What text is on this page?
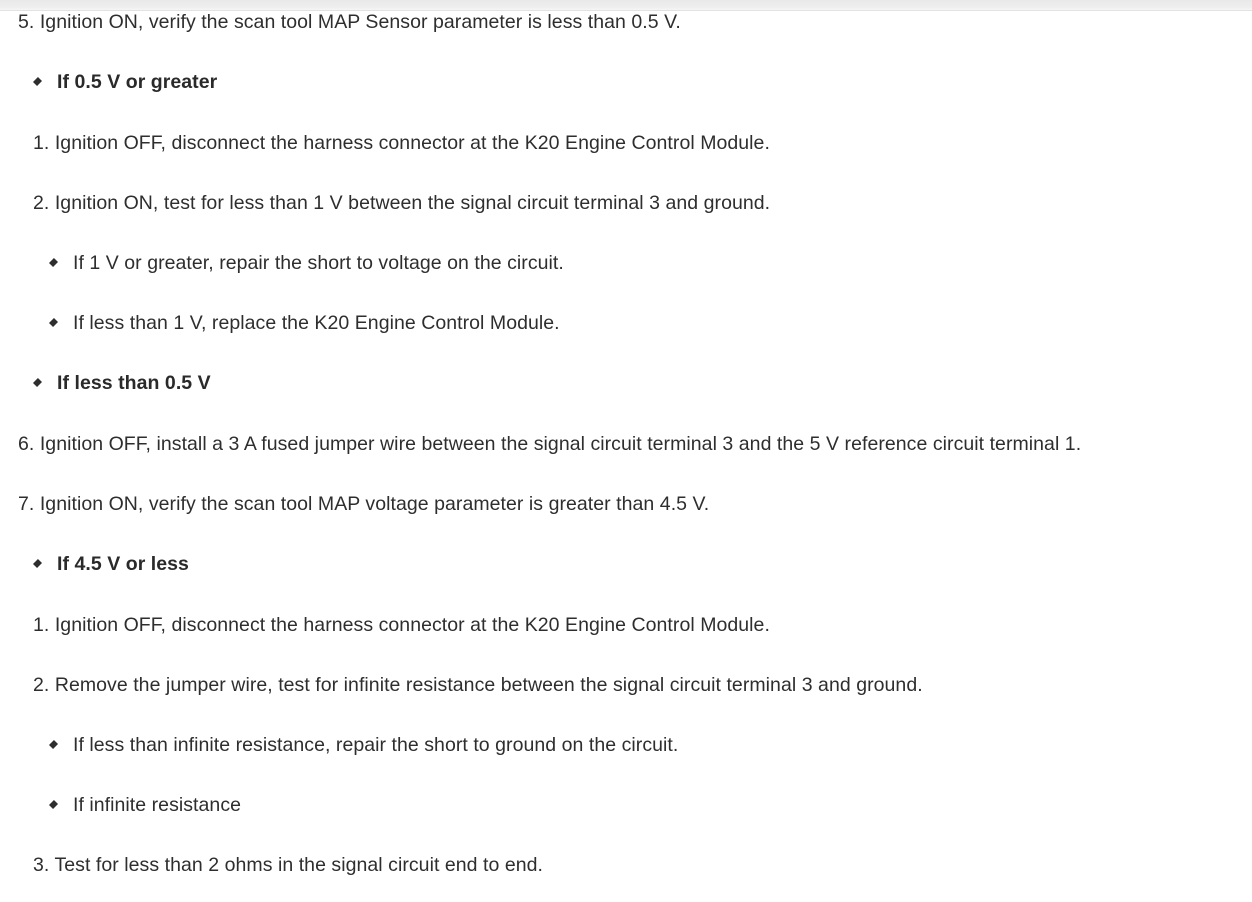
5. Ignition ON, verify the scan tool MAP Sensor parameter is less than 0.5 V.
If 0.5 V or greater
1. Ignition OFF, disconnect the harness connector at the K20 Engine Control Module.
2. Ignition ON, test for less than 1 V between the signal circuit terminal 3 and ground.
If 1 V or greater, repair the short to voltage on the circuit.
If less than 1 V, replace the K20 Engine Control Module.
If less than 0.5 V
6. Ignition OFF, install a 3 A fused jumper wire between the signal circuit terminal 3 and the 5 V reference circuit terminal 1.
7. Ignition ON, verify the scan tool MAP voltage parameter is greater than 4.5 V.
If 4.5 V or less
1. Ignition OFF, disconnect the harness connector at the K20 Engine Control Module.
2. Remove the jumper wire, test for infinite resistance between the signal circuit terminal 3 and ground.
If less than infinite resistance, repair the short to ground on the circuit.
If infinite resistance
3. Test for less than 2 ohms in the signal circuit end to end.
